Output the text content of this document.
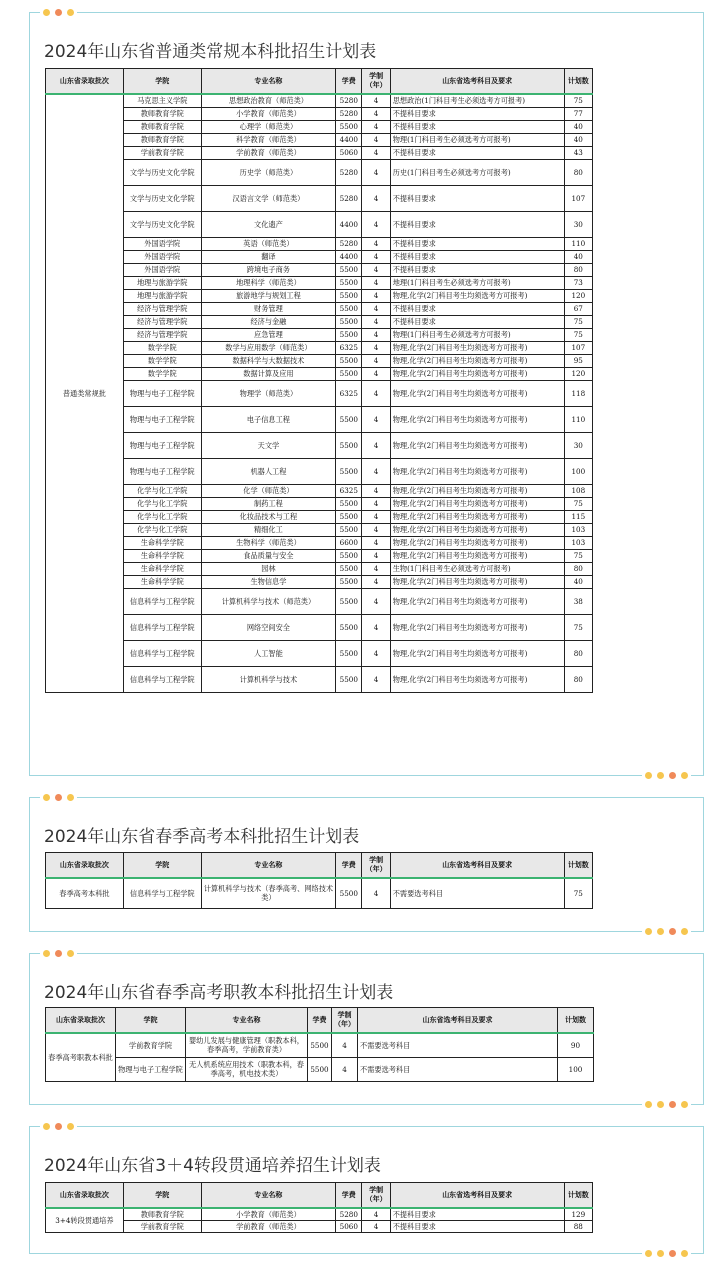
2024年山东省普通类常规本科批招生计划表
山东省录取批次	学院	专业名称	学费	学制（年）	山东省选考科目及要求	计划数
普通类常规批	马克思主义学院	思想政治教育（师范类）	5280	4	思想政治(1门科目考生必须选考方可报考)	75
	教师教育学院	小学教育（师范类）	5280	4	不提科目要求	77
	教师教育学院	心理学（师范类）	5500	4	不提科目要求	40
	教师教育学院	科学教育（师范类）	4400	4	物理(1门科目考生必须选考方可报考)	40
	学前教育学院	学前教育（师范类）	5060	4	不提科目要求	43
	文学与历史文化学院	历史学（师范类）	5280	4	历史(1门科目考生必须选考方可报考)	80
	文学与历史文化学院	汉语言文学（师范类）	5280	4	不提科目要求	107
	文学与历史文化学院	文化遗产	4400	4	不提科目要求	30
	外国语学院	英语（师范类）	5280	4	不提科目要求	110
	外国语学院	翻译	4400	4	不提科目要求	40
	外国语学院	跨境电子商务	5500	4	不提科目要求	80
	地理与旅游学院	地理科学（师范类）	5500	4	地理(1门科目考生必须选考方可报考)	73
	地理与旅游学院	旅游地学与规划工程	5500	4	物理,化学(2门科目考生均须选考方可报考)	120
	经济与管理学院	财务管理	5500	4	不提科目要求	67
	经济与管理学院	经济与金融	5500	4	不提科目要求	75
	经济与管理学院	应急管理	5500	4	物理(1门科目考生必须选考方可报考)	75
	数学学院	数学与应用数学（师范类）	6325	4	物理,化学(2门科目考生均须选考方可报考)	107
	数学学院	数据科学与大数据技术	5500	4	物理,化学(2门科目考生均须选考方可报考)	95
	数学学院	数据计算及应用	5500	4	物理,化学(2门科目考生均须选考方可报考)	120
	物理与电子工程学院	物理学（师范类）	6325	4	物理,化学(2门科目考生均须选考方可报考)	118
	物理与电子工程学院	电子信息工程	5500	4	物理,化学(2门科目考生均须选考方可报考)	110
	物理与电子工程学院	天文学	5500	4	物理,化学(2门科目考生均须选考方可报考)	30
	物理与电子工程学院	机器人工程	5500	4	物理,化学(2门科目考生均须选考方可报考)	100
	化学与化工学院	化学（师范类）	6325	4	物理,化学(2门科目考生均须选考方可报考)	108
	化学与化工学院	制药工程	5500	4	物理,化学(2门科目考生均须选考方可报考)	75
	化学与化工学院	化妆品技术与工程	5500	4	物理,化学(2门科目考生均须选考方可报考)	115
	化学与化工学院	精细化工	5500	4	物理,化学(2门科目考生均须选考方可报考)	103
	生命科学学院	生物科学（师范类）	6600	4	物理,化学(2门科目考生均须选考方可报考)	103
	生命科学学院	食品质量与安全	5500	4	物理,化学(2门科目考生均须选考方可报考)	75
	生命科学学院	园林	5500	4	生物(1门科目考生必须选考方可报考)	80
	生命科学学院	生物信息学	5500	4	物理,化学(2门科目考生均须选考方可报考)	40
	信息科学与工程学院	计算机科学与技术（师范类）	5500	4	物理,化学(2门科目考生均须选考方可报考)	38
	信息科学与工程学院	网络空间安全	5500	4	物理,化学(2门科目考生均须选考方可报考)	75
	信息科学与工程学院	人工智能	5500	4	物理,化学(2门科目考生均须选考方可报考)	80
	信息科学与工程学院	计算机科学与技术	5500	4	物理,化学(2门科目考生均须选考方可报考)	80
2024年山东省春季高考本科批招生计划表
山东省录取批次	学院	专业名称	学费	学制（年）	山东省选考科目及要求	计划数
春季高考本科批	信息科学与工程学院	计算机科学与技术（春季高考、网络技术类）	5500	4	不需要选考科目	75
2024年山东省春季高考职教本科批招生计划表
山东省录取批次	学院	专业名称	学费	学制（年）	山东省选考科目及要求	计划数
春季高考职教本科批	学前教育学院	婴幼儿发展与健康管理（职教本科，春季高考，学前教育类）	5500	4	不需要选考科目	90
	物理与电子工程学院	无人机系统应用技术（职教本科，春季高考，机电技术类）	5500	4	不需要选考科目	100
2024年山东省3＋4转段贯通培养招生计划表
山东省录取批次	学院	专业名称	学费	学制（年）	山东省选考科目及要求	计划数
3+4转段贯通培养	教师教育学院	小学教育（师范类）	5280	4	不提科目要求	129
	学前教育学院	学前教育（师范类）	5060	4	不提科目要求	88
